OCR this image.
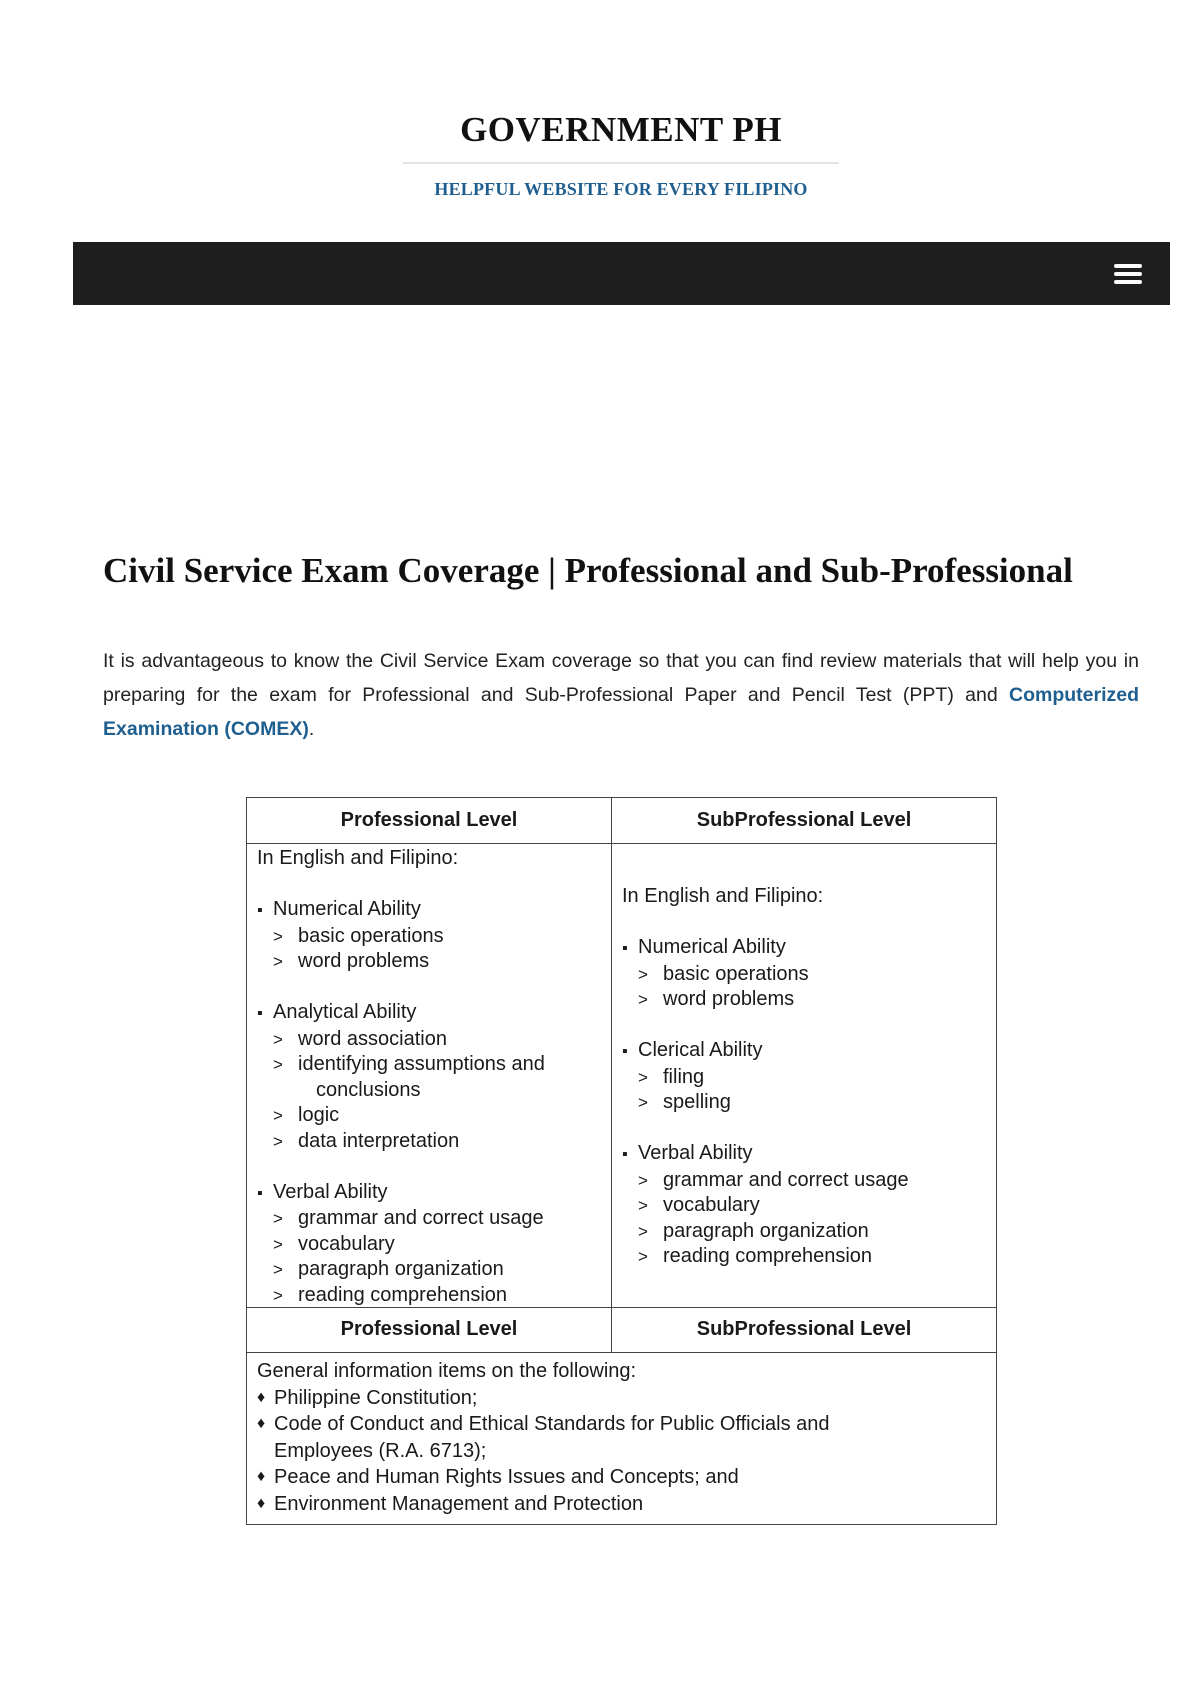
GOVERNMENT PH

HELPFUL WEBSITE FOR EVERY FILIPINO

Civil Service Exam Coverage | Professional and Sub-Professional

It is advantageous to know the Civil Service Exam coverage so that you can find review materials that will help you in preparing for the exam for Professional and Sub-Professional Paper and Pencil Test (PPT) and Computerized Examination (COMEX).

Professional Level	SubProfessional Level
In English and Filipino:
▪ Numerical Ability
> basic operations
> word problems
▪ Analytical Ability
> word association
> identifying assumptions and
conclusions
> logic
> data interpretation
▪ Verbal Ability
> grammar and correct usage
> vocabulary
> paragraph organization
> reading comprehension
In English and Filipino:
▪ Numerical Ability
> basic operations
> word problems
▪ Clerical Ability
> filing
> spelling
▪ Verbal Ability
> grammar and correct usage
> vocabulary
> paragraph organization
> reading comprehension
Professional Level	SubProfessional Level
General information items on the following:
♦ Philippine Constitution;
♦ Code of Conduct and Ethical Standards for Public Officials and
Employees (R.A. 6713);
♦ Peace and Human Rights Issues and Concepts; and
♦ Environment Management and Protection
